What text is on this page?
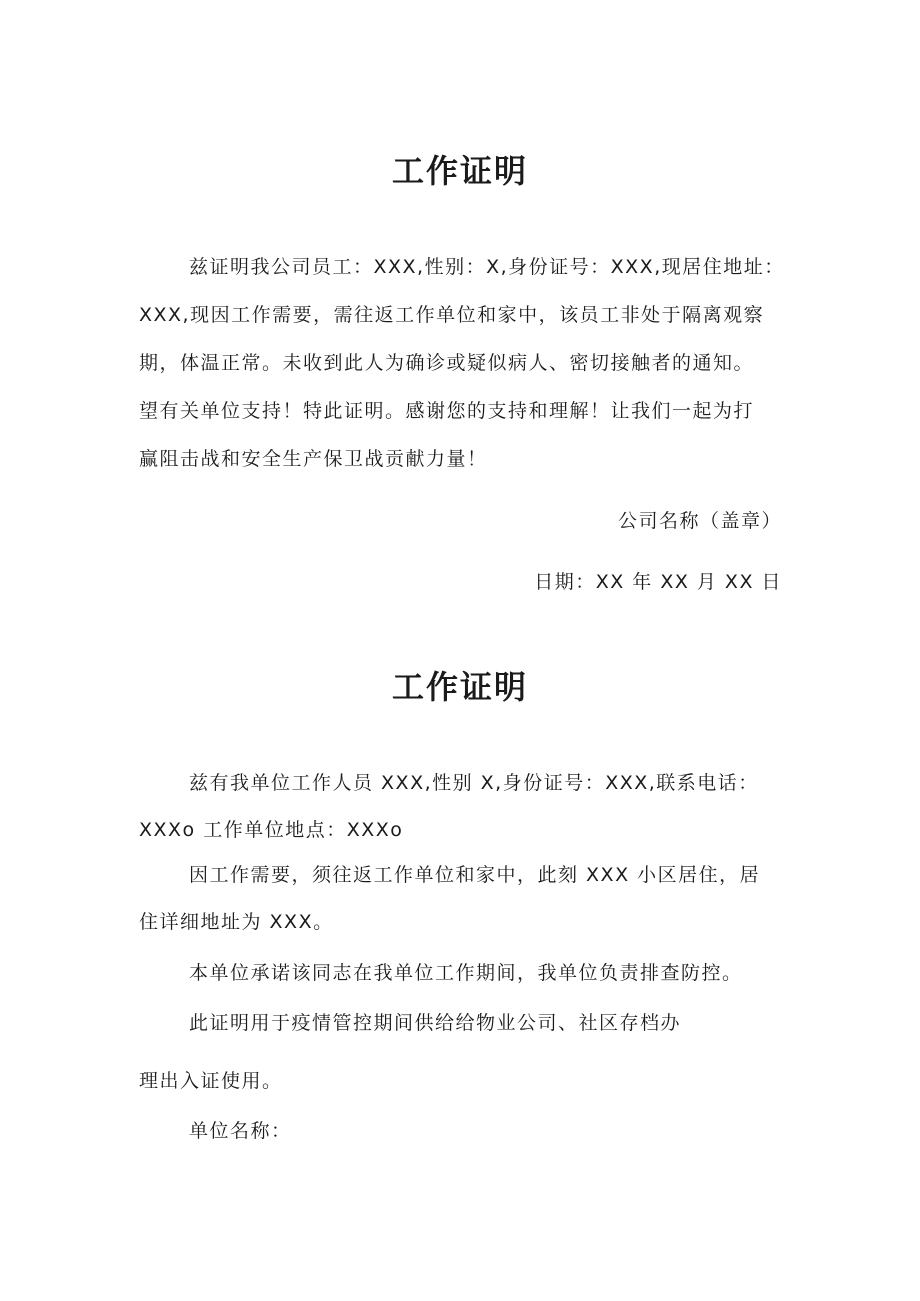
工作证明
兹证明我公司员工：XXX,性别：X,身份证号：XXX,现居住地址：
XXX,现因工作需要，需往返工作单位和家中，该员工非处于隔离观察
期，体温正常。未收到此人为确诊或疑似病人、密切接触者的通知。
望有关单位支持！特此证明。感谢您的支持和理解！让我们一起为打
赢阻击战和安全生产保卫战贡献力量！
公司名称（盖章）
日期：XX 年 XX 月 XX 日
工作证明
兹有我单位工作人员 XXX,性别 X,身份证号：XXX,联系电话：
XXXo 工作单位地点：XXXo
因工作需要，须往返工作单位和家中，此刻 XXX 小区居住，居
住详细地址为 XXX。
本单位承诺该同志在我单位工作期间，我单位负责排查防控。
此证明用于疫情管控期间供给给物业公司、社区存档办
理出入证使用。
单位名称：
